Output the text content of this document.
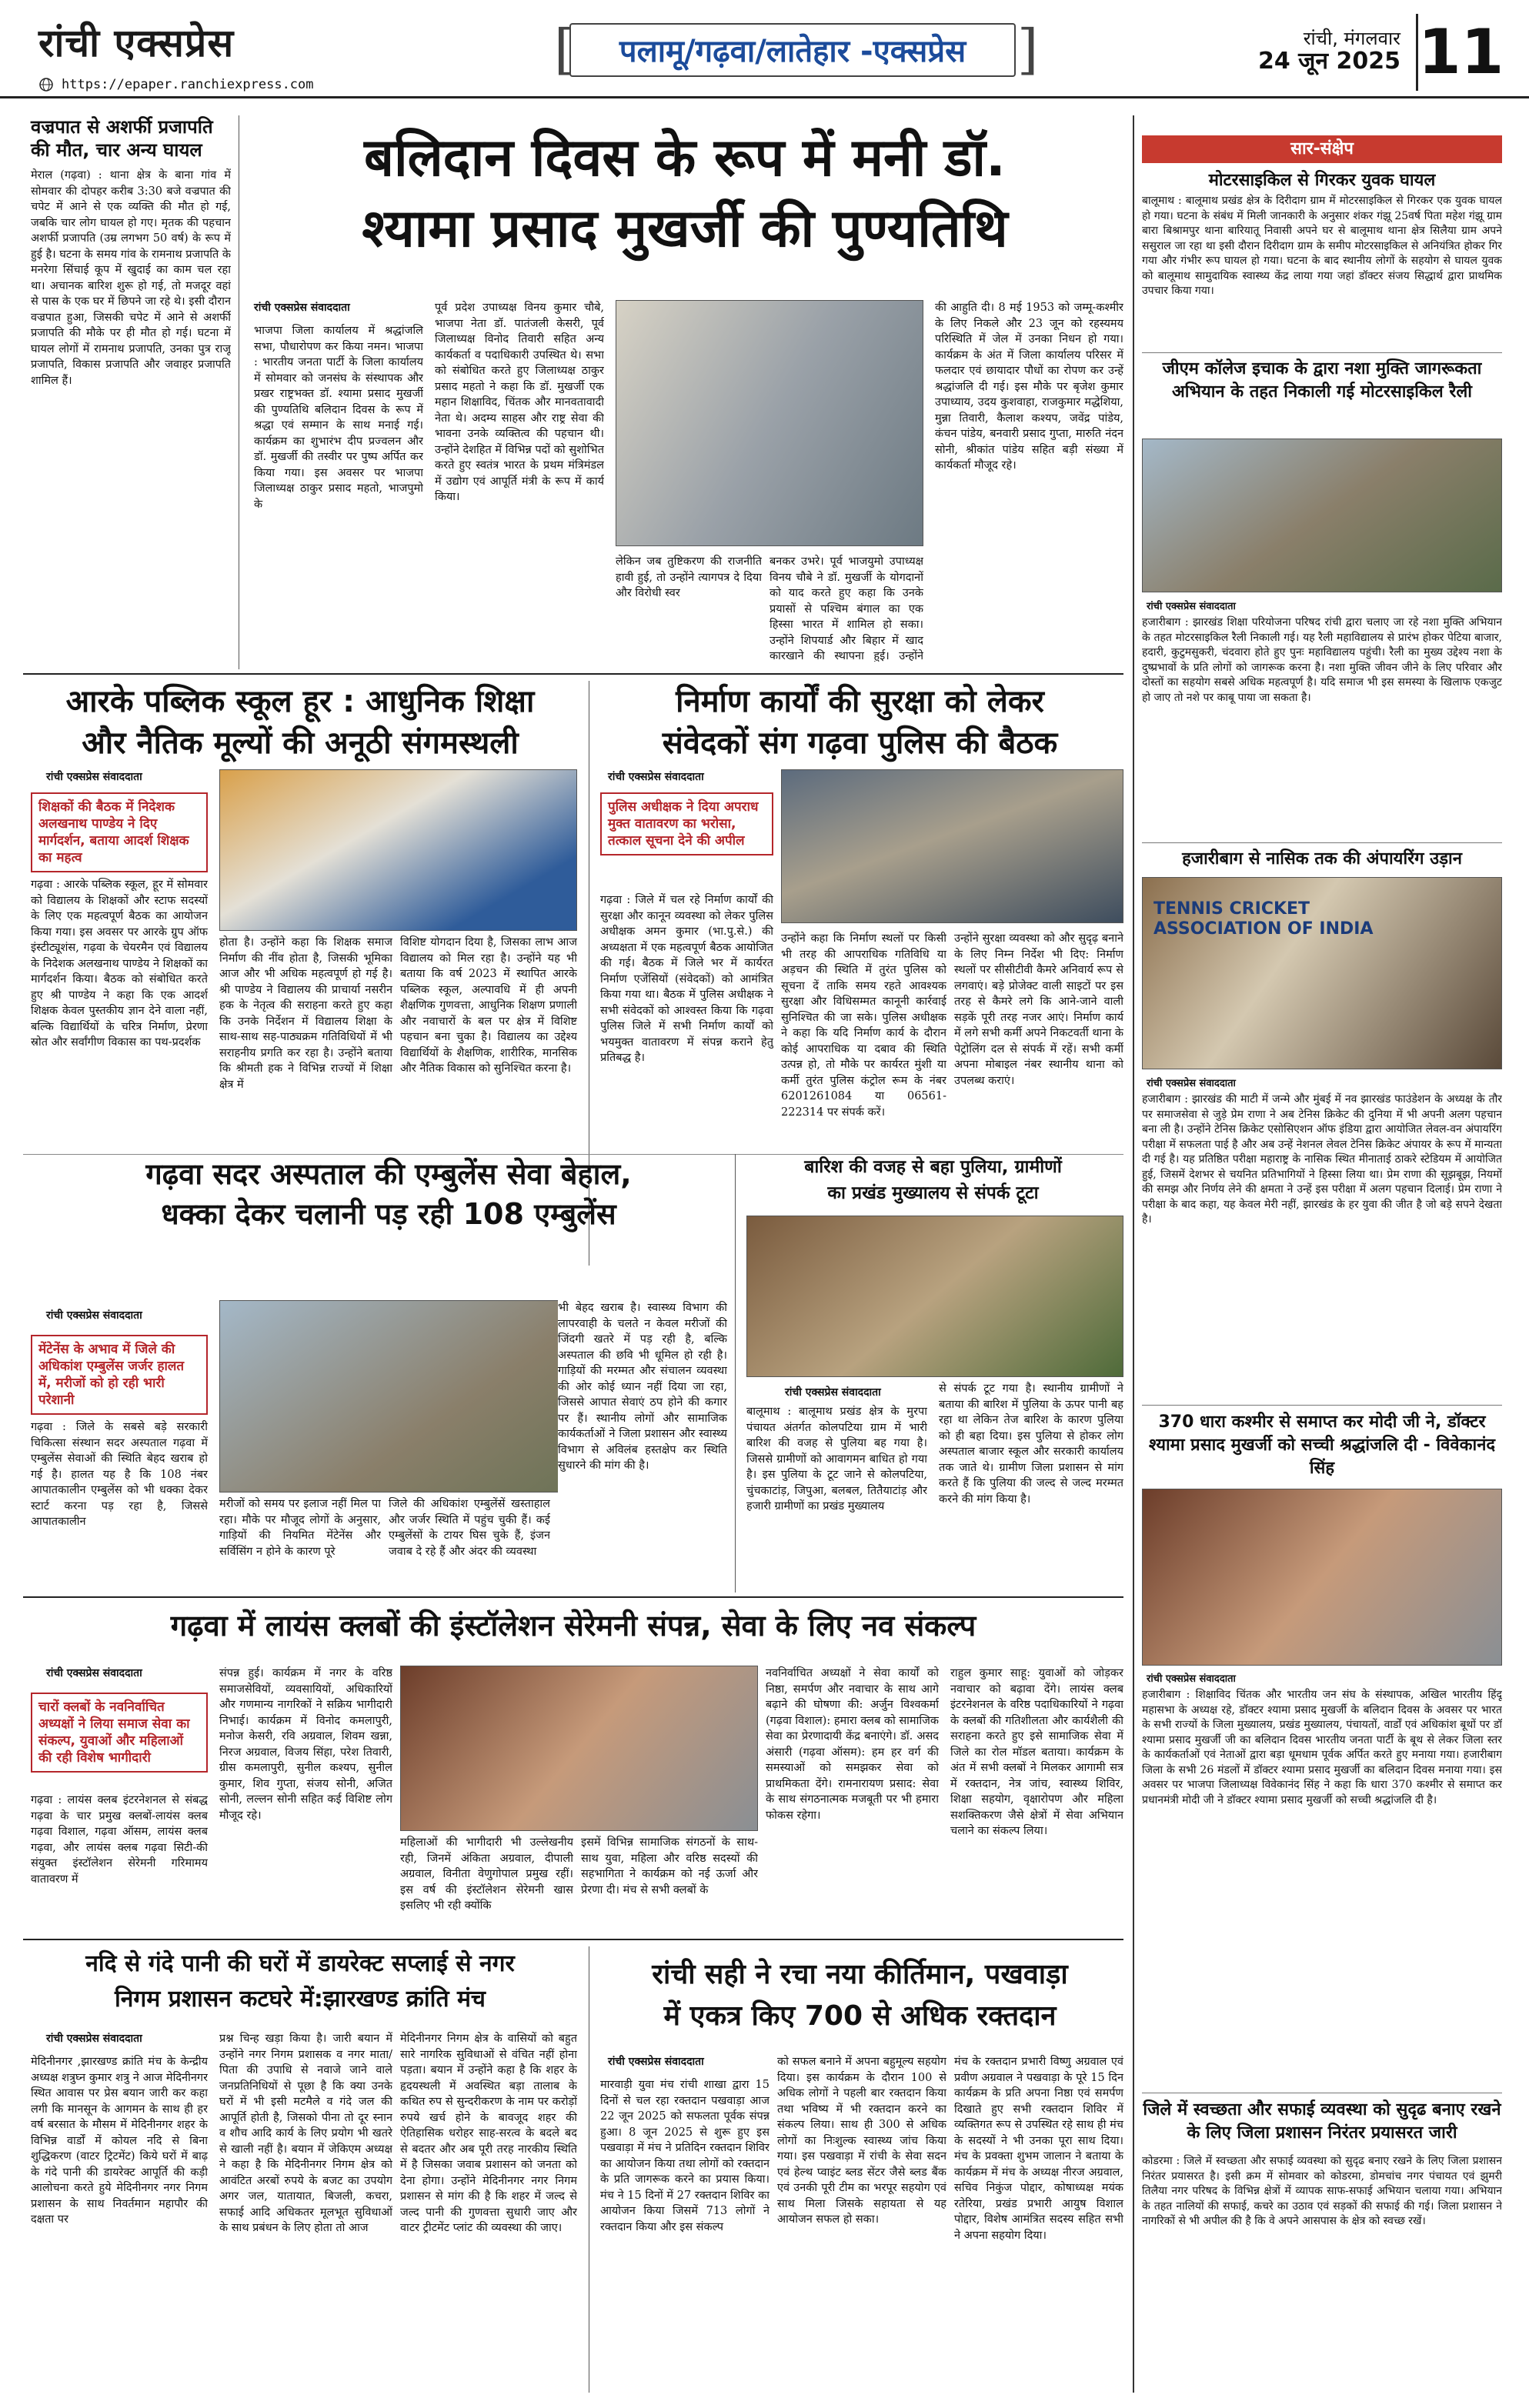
रांची एक्सप्रेस
https://epaper.ranchiexpress.com
[	पलामू/गढ़वा/लातेहार -एक्सप्रेस ]	रांची, मंगलवार
24 जून 2025 11
वज्रपात से अशर्फी प्रजापति की मौत, चार अन्य घायल
मेराल (गढ़वा) : थाना क्षेत्र के बाना गांव में सोमवार की दोपहर करीब 3:30 बजे वज्रपात की चपेट में आने से एक व्यक्ति की मौत हो गई, जबकि चार लोग घायल हो गए। मृतक की पहचान अशर्फी प्रजापति (उम्र लगभग 50 वर्ष) के रूप में हुई है। घटना के समय गांव के रामनाथ प्रजापति के मनरेगा सिंचाई कूप में खुदाई का काम चल रहा था। अचानक बारिश शुरू हो गई, तो मजदूर वहां से पास के एक घर में छिपने जा रहे थे। इसी दौरान वज्रपात हुआ, जिसकी चपेट में आने से अशर्फी प्रजापति की मौके पर ही मौत हो गई। घटना में घायल लोगों में रामनाथ प्रजापति, उनका पुत्र राजू प्रजापति, विकास प्रजापति और जवाहर प्रजापति शामिल हैं।
बलिदान दिवस के रूप में मनी डॉ.
श्यामा प्रसाद मुखर्जी की पुण्यतिथि
रांची एक्सप्रेस संवाददाता
भाजपा जिला कार्यालय में श्रद्धांजलि सभा, पौधारोपण कर किया नमन। भाजपा : भारतीय जनता पार्टी के जिला कार्यालय में सोमवार को जनसंघ के संस्थापक और प्रखर राष्ट्रभक्त डॉ. श्यामा प्रसाद मुखर्जी की पुण्यतिथि बलिदान दिवस के रूप में श्रद्धा एवं सम्मान के साथ मनाई गई। कार्यक्रम का शुभारंभ दीप प्रज्वलन और डॉ. मुखर्जी की तस्वीर पर पुष्प अर्पित कर किया गया। इस अवसर पर भाजपा जिलाध्यक्ष ठाकुर प्रसाद महतो, भाजपुमो के
पूर्व प्रदेश उपाध्यक्ष विनय कुमार चौबे, भाजपा नेता डॉ. पातंजली केसरी, पूर्व जिलाध्यक्ष विनोद तिवारी सहित अन्य कार्यकर्ता व पदाधिकारी उपस्थित थे। सभा को संबोधित करते हुए जिलाध्यक्ष ठाकुर प्रसाद महतो ने कहा कि डॉ. मुखर्जी एक महान शिक्षाविद, चिंतक और मानवतावादी नेता थे। अदम्य साहस और राष्ट्र सेवा की भावना उनके व्यक्तित्व की पहचान थी। उन्होंने देशहित में विभिन्न पदों को सुशोभित करते हुए स्वतंत्र भारत के प्रथम मंत्रिमंडल में उद्योग एवं आपूर्ति मंत्री के रूप में कार्य किया।
लेकिन जब तुष्टिकरण की राजनीति हावी हुई, तो उन्होंने त्यागपत्र दे दिया और विरोधी स्वर
बनकर उभरे। पूर्व भाजयुमो उपाध्यक्ष विनय चौबे ने डॉ. मुखर्जी के योगदानों को याद करते हुए कहा कि उनके प्रयासों से पश्चिम बंगाल का एक हिस्सा भारत में शामिल हो सका। उन्होंने शिपयार्ड और बिहार में खाद कारखाने की स्थापना हुई। उन्होंने
की आहुति दी। 8 मई 1953 को जम्मू-कश्मीर के लिए निकले और 23 जून को रहस्यमय परिस्थिति में जेल में उनका निधन हो गया। कार्यक्रम के अंत में जिला कार्यालय परिसर में फलदार एवं छायादार पौधों का रोपण कर उन्हें श्रद्धांजलि दी गई। इस मौके पर बृजेश कुमार उपाध्याय, उदय कुशवाहा, राजकुमार मद्धेशिया, मुन्ना तिवारी, कैलाश कश्यप, जवेंद्र पांडेय, कंचन पांडेय, बनवारी प्रसाद गुप्ता, मारुति नंदन सोनी, श्रीकांत पांडेय सहित बड़ी संख्या में कार्यकर्ता मौजूद रहे।
आरके पब्लिक स्कूल हूर : आधुनिक शिक्षा
और नैतिक मूल्यों की अनूठी संगमस्थली
रांची एक्सप्रेस संवाददाता
शिक्षकों की बैठक में निदेशक अलखनाथ पाण्डेय ने दिए मार्गदर्शन, बताया आदर्श शिक्षक का महत्व
गढ़वा : आरके पब्लिक स्कूल, हूर में सोमवार को विद्यालय के शिक्षकों और स्टाफ सदस्यों के लिए एक महत्वपूर्ण बैठक का आयोजन किया गया। इस अवसर पर आरके ग्रुप ऑफ इंस्टीट्यूशंस, गढ़वा के चेयरमैन एवं विद्यालय के निदेशक अलखनाथ पाण्डेय ने शिक्षकों का मार्गदर्शन किया। बैठक को संबोधित करते हुए श्री पाण्डेय ने कहा कि एक आदर्श शिक्षक केवल पुस्तकीय ज्ञान देने वाला नहीं, बल्कि विद्यार्थियों के चरित्र निर्माण, प्रेरणा स्रोत और सर्वांगीण विकास का पथ-प्रदर्शक
होता है। उन्होंने कहा कि शिक्षक समाज निर्माण की नींव होता है, जिसकी भूमिका आज और भी अधिक महत्वपूर्ण हो गई है। श्री पाण्डेय ने विद्यालय की प्राचार्या नसरीन हक के नेतृत्व की सराहना करते हुए कहा कि उनके निर्देशन में विद्यालय शिक्षा के साथ-साथ सह-पाठ्यक्रम गतिविधियों में भी सराहनीय प्रगति कर रहा है। उन्होंने बताया कि श्रीमती हक ने विभिन्न राज्यों में शिक्षा क्षेत्र में
विशिष्ट योगदान दिया है, जिसका लाभ आज विद्यालय को मिल रहा है। उन्होंने यह भी बताया कि वर्ष 2023 में स्थापित आरके पब्लिक स्कूल, अल्पावधि में ही अपनी शैक्षणिक गुणवत्ता, आधुनिक शिक्षण प्रणाली और नवाचारों के बल पर क्षेत्र में विशिष्ट पहचान बना चुका है। विद्यालय का उद्देश्य विद्यार्थियों के शैक्षणिक, शारीरिक, मानसिक और नैतिक विकास को सुनिश्चित करना है।
निर्माण कार्यों की सुरक्षा को लेकर
संवेदकों संग गढ़वा पुलिस की बैठक
रांची एक्सप्रेस संवाददाता
पुलिस अधीक्षक ने दिया अपराध मुक्त वातावरण का भरोसा, तत्काल सूचना देने की अपील
गढ़वा : जिले में चल रहे निर्माण कार्यों की सुरक्षा और कानून व्यवस्था को लेकर पुलिस अधीक्षक अमन कुमार (भा.पु.से.) की अध्यक्षता में एक महत्वपूर्ण बैठक आयोजित की गई। बैठक में जिले भर में कार्यरत निर्माण एजेंसियों (संवेदकों) को आमंत्रित किया गया था। बैठक में पुलिस अधीक्षक ने सभी संवेदकों को आश्वस्त किया कि गढ़वा पुलिस जिले में सभी निर्माण कार्यों को भयमुक्त वातावरण में संपन्न कराने हेतु प्रतिबद्ध है।
उन्होंने कहा कि निर्माण स्थलों पर किसी भी तरह की आपराधिक गतिविधि या अड़चन की स्थिति में तुरंत पुलिस को सूचना दें ताकि समय रहते आवश्यक सुरक्षा और विधिसम्मत कानूनी कार्रवाई सुनिश्चित की जा सके। पुलिस अधीक्षक ने कहा कि यदि निर्माण कार्य के दौरान कोई आपराधिक या दबाव की स्थिति उत्पन्न हो, तो मौके पर कार्यरत मुंशी या कर्मी तुरंत पुलिस कंट्रोल रूम के नंबर 6201261084 या 06561-222314 पर संपर्क करें।
उन्होंने सुरक्षा व्यवस्था को और सुदृढ़ बनाने के लिए निम्न निर्देश भी दिए: निर्माण स्थलों पर सीसीटीवी कैमरे अनिवार्य रूप से लगवाएं। बड़े प्रोजेक्ट वाली साइटों पर इस तरह से कैमरे लगे कि आने-जाने वाली सड़कें पूरी तरह नजर आएं। निर्माण कार्य में लगे सभी कर्मी अपने निकटवर्ती थाना के पेट्रोलिंग दल से संपर्क में रहें। सभी कर्मी अपना मोबाइल नंबर स्थानीय थाना को उपलब्ध कराएं।
गढ़वा सदर अस्पताल की एम्बुलेंस सेवा बेहाल,
धक्का देकर चलानी पड़ रही 108 एम्बुलेंस
रांची एक्सप्रेस संवाददाता
मेंटेनेंस के अभाव में जिले की अधिकांश एम्बुलेंस जर्जर हालत में, मरीजों को हो रही भारी परेशानी
गढ़वा : जिले के सबसे बड़े सरकारी चिकित्सा संस्थान सदर अस्पताल गढ़वा में एम्बुलेंस सेवाओं की स्थिति बेहद खराब हो गई है। हालत यह है कि 108 नंबर आपातकालीन एम्बुलेंस को भी धक्का देकर स्टार्ट करना पड़ रहा है, जिससे आपातकालीन
मरीजों को समय पर इलाज नहीं मिल पा रहा। मौके पर मौजूद लोगों के अनुसार, गाड़ियों की नियमित मेंटेनेंस और सर्विसिंग न होने के कारण पूरे
जिले की अधिकांश एम्बुलेंसें खस्ताहाल और जर्जर स्थिति में पहुंच चुकी हैं। कई एम्बुलेंसों के टायर घिस चुके हैं, इंजन जवाब दे रहे हैं और अंदर की व्यवस्था
भी बेहद खराब है। स्वास्थ्य विभाग की लापरवाही के चलते न केवल मरीजों की जिंदगी खतरे में पड़ रही है, बल्कि अस्पताल की छवि भी धूमिल हो रही है। गाड़ियों की मरम्मत और संचालन व्यवस्था की ओर कोई ध्यान नहीं दिया जा रहा, जिससे आपात सेवाएं ठप होने की कगार पर हैं। स्थानीय लोगों और सामाजिक कार्यकर्ताओं ने जिला प्रशासन और स्वास्थ्य विभाग से अविलंब हस्तक्षेप कर स्थिति सुधारने की मांग की है।
बारिश की वजह से बहा पुलिया, ग्रामीणों
का प्रखंड मुख्यालय से संपर्क टूटा
रांची एक्सप्रेस संवाददाता
बालूमाथ : बालूमाथ प्रखंड क्षेत्र के मुरपा पंचायत अंतर्गत कोलपटिया ग्राम में भारी बारिश की वजह से पुलिया बह गया है। जिससे ग्रामीणों को आवागमन बाधित हो गया है। इस पुलिया के टूट जाने से कोलपटिया, चुंचकाटांड़, जिपुआ, बलबल, तितैयाटांड़ और हजारी ग्रामीणों का प्रखंड मुख्यालय
से संपर्क टूट गया है। स्थानीय ग्रामीणों ने बताया की बारिश में पुलिया के ऊपर पानी बह रहा था लेकिन तेज बारिश के कारण पुलिया को ही बहा दिया। इस पुलिया से होकर लोग अस्पताल बाजार स्कूल और सरकारी कार्यालय तक जाते थे। ग्रामीण जिला प्रशासन से मांग करते हैं कि पुलिया की जल्द से जल्द मरम्मत करने की मांग किया है।
गढ़वा में लायंस क्लबों की इंस्टॉलेशन सेरेमनी संपन्न, सेवा के लिए नव संकल्प
रांची एक्सप्रेस संवाददाता
चारों क्लबों के नवनिर्वाचित अध्यक्षों ने लिया समाज सेवा का संकल्प, युवाओं और महिलाओं की रही विशेष भागीदारी
गढ़वा : लायंस क्लब इंटरनेशनल से संबद्ध गढ़वा के चार प्रमुख क्लबों-लायंस क्लब गढ़वा विशाल, गढ़वा ऑसम, लायंस क्लब गढ़वा, और लायंस क्लब गढ़वा सिटी-की संयुक्त इंस्टॉलेशन सेरेमनी गरिमामय वातावरण में
संपन्न हुई। कार्यक्रम में नगर के वरिष्ठ समाजसेवियों, व्यवसायियों, अधिकारियों और गणमान्य नागरिकों ने सक्रिय भागीदारी निभाई। कार्यक्रम में विनोद कमलापुरी, मनोज केसरी, रवि अग्रवाल, शिवम खन्ना, निरज अग्रवाल, विजय सिंहा, परेश तिवारी, ग्रीस कमलापुरी, सुनील कश्यप, सुनील कुमार, शिव गुप्ता, संजय सोनी, अजित सोनी, लल्लन सोनी सहित कई विशिष्ट लोग मौजूद रहे।
महिलाओं की भागीदारी भी उल्लेखनीय रही, जिनमें अंकिता अग्रवाल, दीपाली अग्रवाल, विनीता वेणुगोपाल प्रमुख रहीं। इस वर्ष की इंस्टॉलेशन सेरेमनी खास इसलिए भी रही क्योंकि
इसमें विभिन्न सामाजिक संगठनों के साथ-साथ युवा, महिला और वरिष्ठ सदस्यों की सहभागिता ने कार्यक्रम को नई ऊर्जा और प्रेरणा दी। मंच से सभी क्लबों के
नवनिर्वाचित अध्यक्षों ने सेवा कार्यों को निष्ठा, समर्पण और नवाचार के साथ आगे बढ़ाने की घोषणा की: अर्जुन विश्वकर्मा (गढ़वा विशाल): हमारा क्लब को सामाजिक सेवा का प्रेरणादायी केंद्र बनाएंगे। डॉ. असद अंसारी (गढ़वा ऑसम): हम हर वर्ग की समस्याओं को समझकर सेवा को प्राथमिकता देंगे। रामनारायण प्रसाद: सेवा के साथ संगठनात्मक मजबूती पर भी हमारा फोकस रहेगा।
राहुल कुमार साहू: युवाओं को जोड़कर नवाचार को बढ़ावा देंगे। लायंस क्लब इंटरनेशनल के वरिष्ठ पदाधिकारियों ने गढ़वा के क्लबों की गतिशीलता और कार्यशैली की सराहना करते हुए इसे सामाजिक सेवा में जिले का रोल मॉडल बताया। कार्यक्रम के अंत में सभी क्लबों ने मिलकर आगामी सत्र में रक्तदान, नेत्र जांच, स्वास्थ्य शिविर, शिक्षा सहयोग, वृक्षारोपण और महिला सशक्तिकरण जैसे क्षेत्रों में सेवा अभियान चलाने का संकल्प लिया।
नदि से गंदे पानी की घरों में डायरेक्ट सप्लाई से नगर
निगम प्रशासन कटघरे में:झारखण्ड क्रांति मंच
रांची एक्सप्रेस संवाददाता
मेदिनीनगर ,झारखण्ड क्रांति मंच के केन्द्रीय अध्यक्ष शत्रुघ्न कुमार शत्रु ने आज मेदिनीनगर स्थित आवास पर प्रेस बयान जारी कर कहा लगी कि मानसून के आगमन के साथ ही हर वर्ष बरसात के मौसम में मेदिनीनगर शहर के विभिन्न वार्डों में कोयल नदि से बिना शुद्धिकरण (वाटर ट्रिटमेंट) किये घरों में बाढ़ के गंदे पानी की डायरेक्ट आपूर्ति की कड़ी आलोचना करते हुये मेदिनीनगर नगर निगम प्रशासन के साथ निवर्तमान महापौर की दक्षता पर
प्रश्न चिन्ह खड़ा किया है। जारी बयान में उन्होंने नगर निगम प्रशासक व नगर माता/पिता की उपाधि से नवाजे जाने वाले जनप्रतिनिधियों से पूछा है कि क्या उनके घरों में भी इसी मटमैले व गंदे जल की आपूर्ति होती है, जिसको पीना तो दूर स्नान व शौच आदि कार्य के लिए प्रयोग भी खतरे से खाली नहीं है। बयान में जेकिएम अध्यक्ष ने कहा है कि मेदिनीनगर निगम क्षेत्र को आवंटित अरबों रुपये के बजट का उपयोग अगर जल, यातायात, बिजली, कचरा, सफाई आदि अधिकतर मूलभूत सुविधाओं के साथ प्रबंधन के लिए होता तो आज
मेदिनीनगर निगम क्षेत्र के वासियों को बहुत सारे नागरिक सुविधाओं से वंचित नहीं होना पड़ता। बयान में उन्होंने कहा है कि शहर के हृदयस्थली में अवस्थित बड़ा तालाब के कथित रुप से सुन्दरीकरण के नाम पर करोड़ों रुपये खर्च होने के बावजूद शहर की ऐतिहासिक धरोहर साह-सरत्व के बदले बद से बदतर और अब पूरी तरह नारकीय स्थिति में है जिसका जवाब प्रशासन को जनता को देना होगा। उन्होंने मेदिनीनगर नगर निगम प्रशासन से मांग की है कि शहर में जल्द से जल्द पानी की गुणवत्ता सुधारी जाए और वाटर ट्रीटमेंट प्लांट की व्यवस्था की जाए।
रांची सही ने रचा नया कीर्तिमान, पखवाड़ा
में एकत्र किए 700 से अधिक रक्तदान
रांची एक्सप्रेस संवाददाता
मारवाड़ी युवा मंच रांची शाखा द्वारा 15 दिनों से चल रहा रक्तदान पखवाड़ा आज 22 जून 2025 को सफलता पूर्वक संपन्न हुआ। 8 जून 2025 से शुरू हुए इस पखवाड़ा में मंच ने प्रतिदिन रक्तदान शिविर का आयोजन किया तथा लोगों को रक्तदान के प्रति जागरूक करने का प्रयास किया। मंच ने 15 दिनों में 27 रक्तदान शिविर का आयोजन किया जिसमें 713 लोगों ने रक्तदान किया और इस संकल्प
को सफल बनाने में अपना बहुमूल्य सहयोग दिया। इस कार्यक्रम के दौरान 100 से अधिक लोगों ने पहली बार रक्तदान किया तथा भविष्य में भी रक्तदान करने का संकल्प लिया। साथ ही 300 से अधिक लोगों का निःशुल्क स्वास्थ्य जांच किया गया। इस पखवाड़ा में रांची के सेवा सदन एवं हेल्थ प्वाइंट ब्लड सेंटर जैसे ब्लड बैंक एवं उनकी पूरी टीम का भरपूर सहयोग एवं साथ मिला जिसके सहायता से यह आयोजन सफल हो सका।
मंच के रक्तदान प्रभारी विष्णु अग्रवाल एवं प्रवीण अग्रवाल ने पखवाड़ा के पूरे 15 दिन कार्यक्रम के प्रति अपना निष्ठा एवं समर्पण दिखाते हुए सभी रक्तदान शिविर में व्यक्तिगत रूप से उपस्थित रहे साथ ही मंच के सदस्यों ने भी उनका पूरा साथ दिया। मंच के प्रवक्ता शुभम जालान ने बताया के कार्यक्रम में मंच के अध्यक्ष नीरज अग्रवाल, सचिव निकुंज पोद्दार, कोषाध्यक्ष मयंक रतेरिया, प्रखंड प्रभारी आयुष विशाल पोद्दार, विशेष आमंत्रित सदस्य सहित सभी ने अपना सहयोग दिया।
सार-संक्षेप
मोटरसाइकिल से गिरकर युवक घायल
बालूमाथ : बालूमाथ प्रखंड क्षेत्र के दिरीदाग ग्राम में मोटरसाइकिल से गिरकर एक युवक घायल हो गया। घटना के संबंध में मिली जानकारी के अनुसार शंकर गंझू 25वर्ष पिता महेश गंझू ग्राम बारा बिश्रामपुर थाना बारियातू निवासी अपने घर से बालूमाथ थाना क्षेत्र सिलैया ग्राम अपने ससुराल जा रहा था इसी दौरान दिरीदाग ग्राम के समीप मोटरसाइकिल से अनियंत्रित होकर गिर गया और गंभीर रूप घायल हो गया। घटना के बाद स्थानीय लोगों के सहयोग से घायल युवक को बालूमाथ सामुदायिक स्वास्थ्य केंद्र लाया गया जहां डॉक्टर संजय सिद्धार्थ द्वारा प्राथमिक उपचार किया गया।
जीएम कॉलेज इचाक के द्वारा नशा मुक्ति जागरूकता अभियान के तहत निकाली गई मोटरसाइकिल रैली
रांची एक्सप्रेस संवाददाता
हजारीबाग : झारखंड शिक्षा परियोजना परिषद रांची द्वारा चलाए जा रहे नशा मुक्ति अभियान के तहत मोटरसाइकिल रैली निकाली गई। यह रैली महाविद्यालय से प्रारंभ होकर पेटिया बाजार, हदारी, कुटुमसुकरी, चंदवारा होते हुए पुनः महाविद्यालय पहुंची। रैली का मुख्य उद्देश्य नशा के दुष्प्रभावों के प्रति लोगों को जागरूक करना है। नशा मुक्ति जीवन जीने के लिए परिवार और दोस्तों का सहयोग सबसे अधिक महत्वपूर्ण है। यदि समाज भी इस समस्या के खिलाफ एकजुट हो जाए तो नशे पर काबू पाया जा सकता है।
हजारीबाग से नासिक तक की अंपायरिंग उड़ान
TENNIS CRICKET ASSOCIATION OF INDIA
रांची एक्सप्रेस संवाददाता
हजारीबाग : झारखंड की माटी में जन्मे और मुंबई में नव झारखंड फाउंडेशन के अध्यक्ष के तौर पर समाजसेवा से जुड़े प्रेम राणा ने अब टेनिस क्रिकेट की दुनिया में भी अपनी अलग पहचान बना ली है। उन्होंने टेनिस क्रिकेट एसोसिएशन ऑफ इंडिया द्वारा आयोजित लेवल-वन अंपायरिंग परीक्षा में सफलता पाई है और अब उन्हें नेशनल लेवल टेनिस क्रिकेट अंपायर के रूप में मान्यता दी गई है। यह प्रतिष्ठित परीक्षा महाराष्ट्र के नासिक स्थित मीनाताई ठाकरे स्टेडियम में आयोजित हुई, जिसमें देशभर से चयनित प्रतिभागियों ने हिस्सा लिया था। प्रेम राणा की सूझबूझ, नियमों की समझ और निर्णय लेने की क्षमता ने उन्हें इस परीक्षा में अलग पहचान दिलाई। प्रेम राणा ने परीक्षा के बाद कहा, यह केवल मेरी नहीं, झारखंड के हर युवा की जीत है जो बड़े सपने देखता है।
370 धारा कश्मीर से समाप्त कर मोदी जी ने, डॉक्टर श्यामा प्रसाद मुखर्जी को सच्ची श्रद्धांजलि दी - विवेकानंद सिंह
रांची एक्सप्रेस संवाददाता
हजारीबाग : शिक्षाविद चिंतक और भारतीय जन संघ के संस्थापक, अखिल भारतीय हिंदू महासभा के अध्यक्ष रहे, डॉक्टर श्यामा प्रसाद मुखर्जी के बलिदान दिवस के अवसर पर भारत के सभी राज्यों के जिला मुख्यालय, प्रखंड मुख्यालय, पंचायतों, वार्डों एवं अधिकांश बूथों पर डॉ श्यामा प्रसाद मुखर्जी जी का बलिदान दिवस भारतीय जनता पार्टी के बूथ से लेकर जिला स्तर के कार्यकर्ताओं एवं नेताओं द्वारा बड़ा धूमधाम पूर्वक अर्पित करते हुए मनाया गया। हजारीबाग जिला के सभी 26 मंडलों में डॉक्टर श्यामा प्रसाद मुखर्जी का बलिदान दिवस मनाया गया। इस अवसर पर भाजपा जिलाध्यक्ष विवेकानंद सिंह ने कहा कि धारा 370 कश्मीर से समाप्त कर प्रधानमंत्री मोदी जी ने डॉक्टर श्यामा प्रसाद मुखर्जी को सच्ची श्रद्धांजलि दी है।
जिले में स्वच्छता और सफाई व्यवस्था को सुदृढ बनाए रखने के लिए जिला प्रशासन निरंतर प्रयासरत जारी
कोडरमा : जिले में स्वच्छता और सफाई व्यवस्था को सुदृढ बनाए रखने के लिए जिला प्रशासन निरंतर प्रयासरत है। इसी क्रम में सोमवार को कोडरमा, डोमचांच नगर पंचायत एवं झुमरी तिलैया नगर परिषद के विभिन्न क्षेत्रों में व्यापक साफ-सफाई अभियान चलाया गया। अभियान के तहत नालियों की सफाई, कचरे का उठाव एवं सड़कों की सफाई की गई। जिला प्रशासन ने नागरिकों से भी अपील की है कि वे अपने आसपास के क्षेत्र को स्वच्छ रखें।
